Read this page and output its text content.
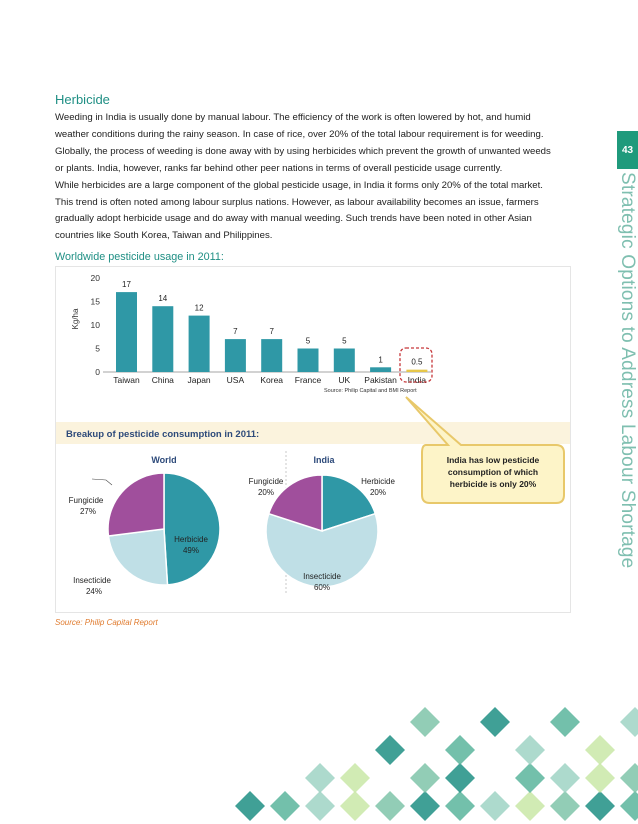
43
Strategic Options to Address Labour Shortage
Herbicide

Weeding in India is usually done by manual labour. The efficiency of the work is often lowered by hot, and humid weather conditions during the rainy season. In case of rice, over 20% of the total labour requirement is for weeding. Globally, the process of weeding is done away with by using herbicides which prevent the growth of unwanted weeds or plants. India, however, ranks far behind other peer nations in terms of overall pesticide usage currently.

While herbicides are a large component of the global pesticide usage, in India it forms only 20% of the total market. This trend is often noted among labour surplus nations. However, as labour availability becomes an issue, farmers gradually adopt herbicide usage and do away with manual weeding. Such trends have been noted in other Asian countries like South Korea, Taiwan and Philippines.

Worldwide pesticide usage in 2011:
Kg/ha
0
5
10
15
20
17
Taiwan
14
China
12
Japan
7
USA
7
Korea
5
France
5
UK
1
Pakistan
0.5
India
Source: Philip Capital and BMI Report
Breakup of pesticide consumption in 2011:
India has low pesticide
consumption of which
herbicide is only 20%
World
Herbicide
49%
Insecticide
24%
Fungicide
27%
India
Herbicide
20%
Insecticide
60%
Fungicide
20%
Source: Philip Capital Report
